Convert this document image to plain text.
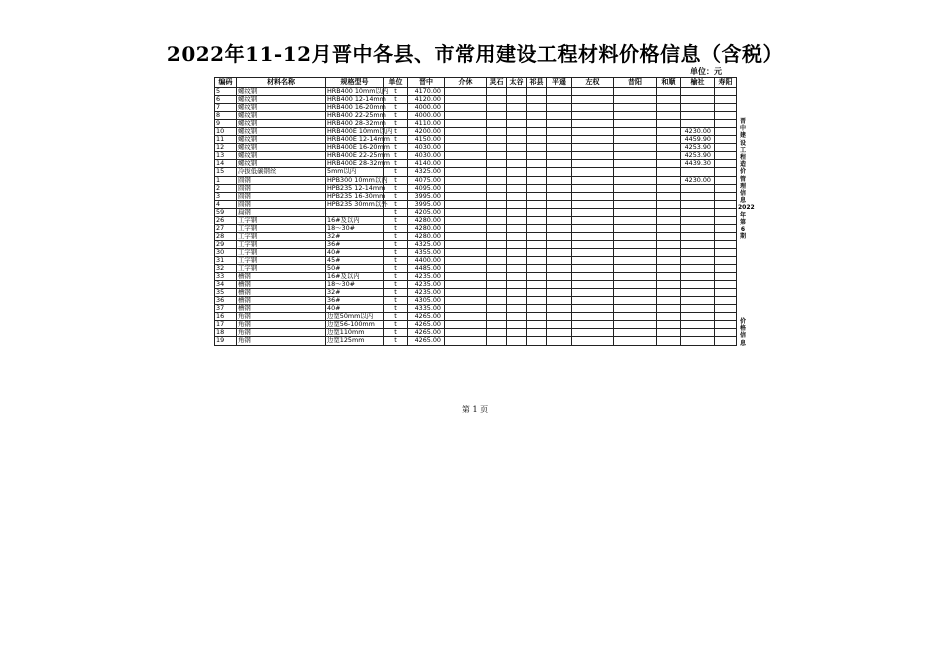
2022年11-12月晋中各县、市常用建设工程材料价格信息（含税）
单位：元
编码	材料名称	规格型号	单位	晋中	介休	灵石	太谷	祁县	平遥	左权	昔阳	和顺	榆社	寿阳
5	螺纹钢	HRB400 10mm以内	t	4170.00										
6	螺纹钢	HRB400 12-14mm	t	4120.00										
7	螺纹钢	HRB400 16-20mm	t	4000.00										
8	螺纹钢	HRB400 22-25mm	t	4000.00										
9	螺纹钢	HRB400 28-32mm	t	4110.00										
10	螺纹钢	HRB400E 10mm以内	t	4200.00									4230.00	
11	螺纹钢	HRB400E 12-14mm	t	4150.00									4459.90	
12	螺纹钢	HRB400E 16-20mm	t	4030.00									4253.90	
13	螺纹钢	HRB400E 22-25mm	t	4030.00									4253.90	
14	螺纹钢	HRB400E 28-32mm	t	4140.00									4439.30	
15	冷拔低碳钢丝	5mm以内	t	4325.00										
1	圆钢	HPB300 10mm以内	t	4075.00									4230.00	
2	圆钢	HPB235 12-14mm	t	4095.00										
3	圆钢	HPB235 16-30mm	t	3995.00										
4	圆钢	HPB235 30mm以外	t	3995.00										
59	扁钢		t	4205.00										
26	工字钢	16#及以内	t	4280.00										
27	工字钢	18～30#	t	4280.00										
28	工字钢	32#	t	4280.00										
29	工字钢	36#	t	4325.00										
30	工字钢	40#	t	4355.00										
31	工字钢	45#	t	4400.00										
32	工字钢	50#	t	4485.00										
33	槽钢	16#及以内	t	4235.00										
34	槽钢	18～30#	t	4235.00										
35	槽钢	32#	t	4235.00										
36	槽钢	36#	t	4305.00										
37	槽钢	40#	t	4335.00										
16	角钢	边宽50mm以内	t	4265.00										
17	角钢	边宽56-100mm	t	4265.00										
18	角钢	边宽110mm	t	4265.00										
19	角钢	边宽125mm	t	4265.00										
晋中建设工程造价管理信息2022年第6期
价格信息
第 1 页
